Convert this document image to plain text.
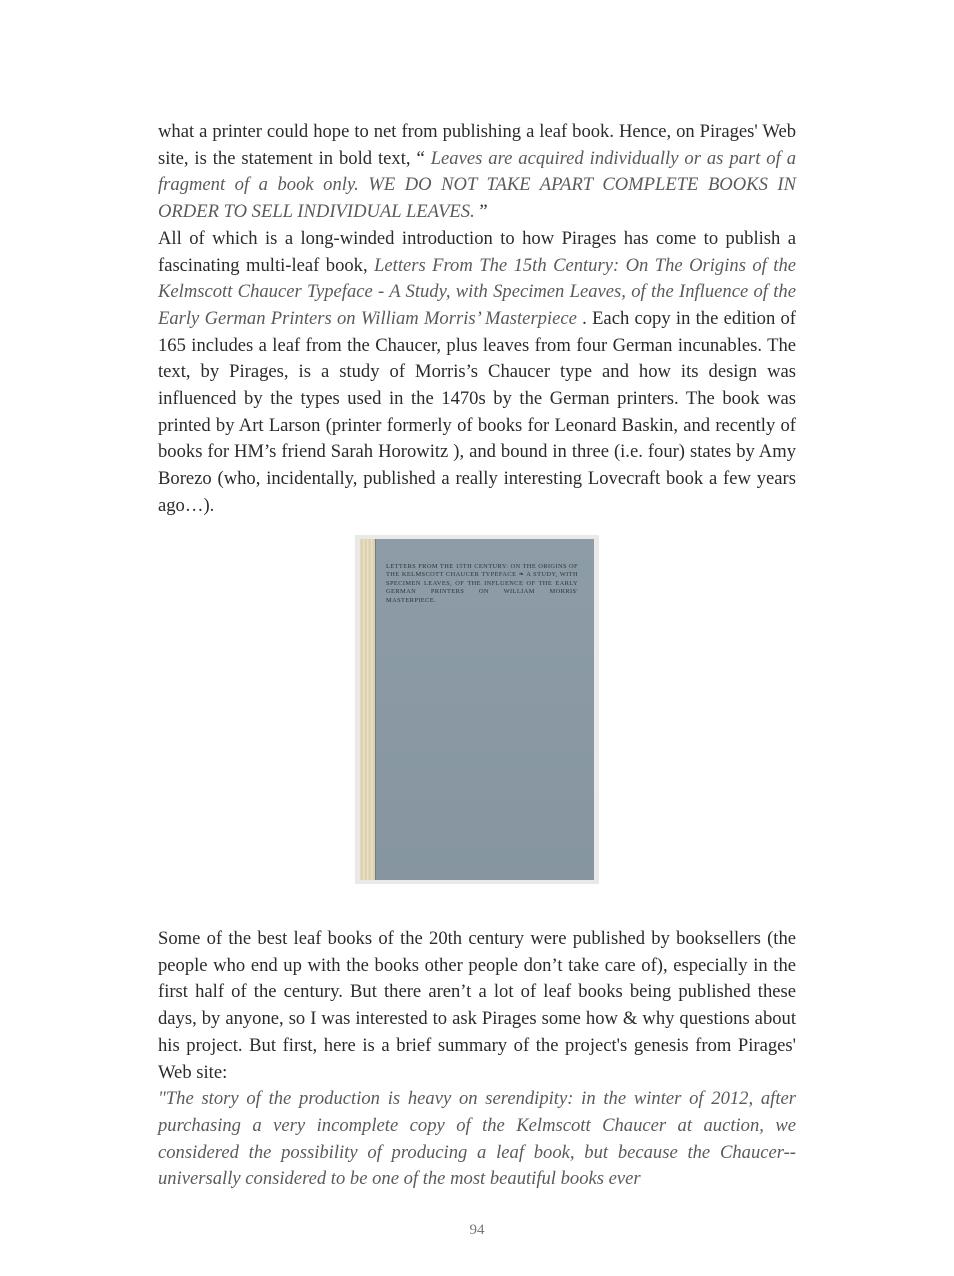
what a printer could hope to net from publishing a leaf book. Hence, on Pirages' Web site, is the statement in bold text, “ Leaves are acquired individually or as part of a fragment of a book only. WE DO NOT TAKE APART COMPLETE BOOKS IN ORDER TO SELL INDIVIDUAL LEAVES. ”
All of which is a long-winded introduction to how Pirages has come to publish a fascinating multi-leaf book, Letters From The 15th Century: On The Origins of the Kelmscott Chaucer Typeface - A Study, with Specimen Leaves, of the Influence of the Early German Printers on William Morris’ Masterpiece . Each copy in the edition of 165 includes a leaf from the Chaucer, plus leaves from four German incunables. The text, by Pirages, is a study of Morris’s Chaucer type and how its design was influenced by the types used in the 1470s by the German printers. The book was printed by Art Larson (printer formerly of books for Leonard Baskin, and recently of books for HM’s friend Sarah Horowitz ), and bound in three (i.e. four) states by Amy Borezo (who, incidentally, published a really interesting Lovecraft book a few years ago…).
LETTERS FROM THE 15TH CENTURY: ON THE ORIGINS OF THE KELMSCOTT CHAUCER TYPEFACE ❧ A STUDY, WITH SPECIMEN LEAVES, OF THE INFLUENCE OF THE EARLY GERMAN PRINTERS ON WILLIAM MORRIS' MASTERPIECE.
Some of the best leaf books of the 20th century were published by booksellers (the people who end up with the books other people don’t take care of), especially in the first half of the century. But there aren’t a lot of leaf books being published these days, by anyone, so I was interested to ask Pirages some how & why questions about his project. But first, here is a brief summary of the project's genesis from Pirages' Web site:
"The story of the production is heavy on serendipity: in the winter of 2012, after purchasing a very incomplete copy of the Kelmscott Chaucer at auction, we considered the possibility of producing a leaf book, but because the Chaucer--universally considered to be one of the most beautiful books ever
94
